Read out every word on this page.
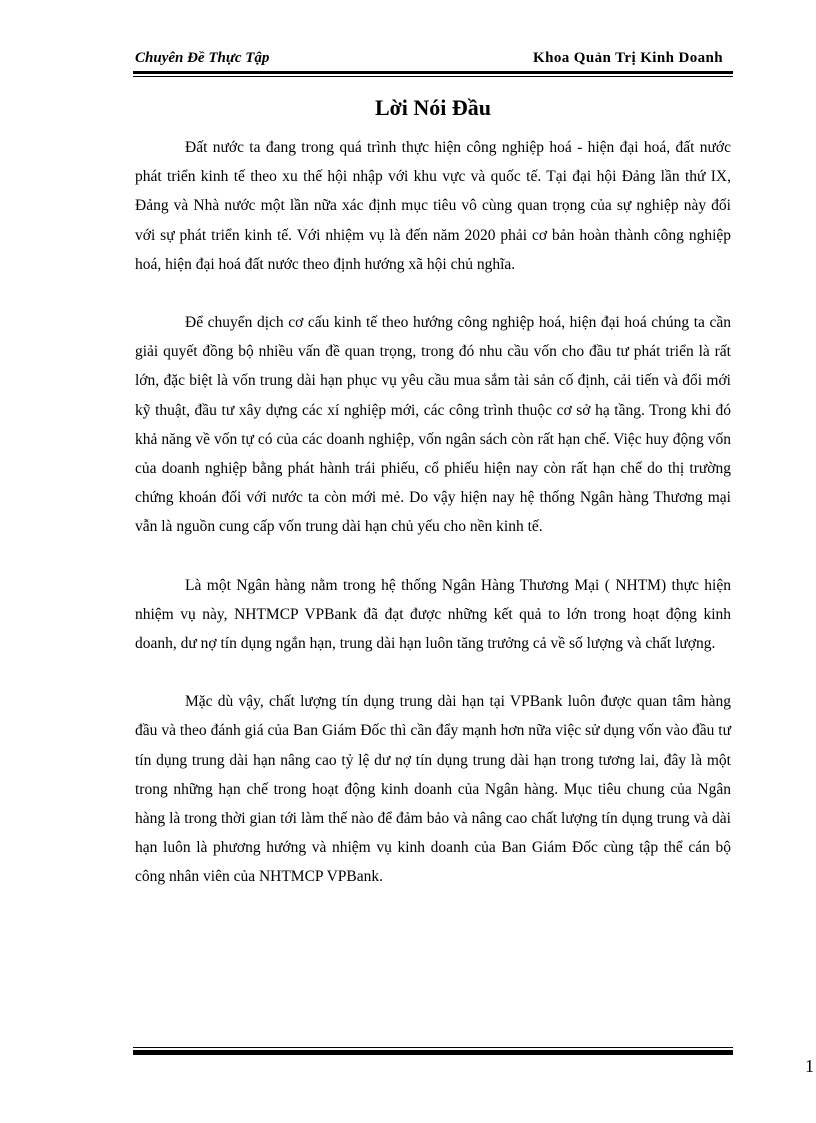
Chuyên Đề Thực Tập	Khoa Quản Trị Kinh Doanh
Lời Nói Đầu

Đất nước ta đang trong quá trình thực hiện công nghiệp hoá - hiện đại hoá, đất nước phát triển kinh tế theo xu thế hội nhập với khu vực và quốc tế. Tại đại hội Đảng lần thứ IX, Đảng và Nhà nước một lần nữa xác định mục tiêu vô cùng quan trọng của sự nghiệp này đối với sự phát triển kinh tế. Với nhiệm vụ là đến năm 2020 phải cơ bản hoàn thành công nghiệp hoá, hiện đại hoá đất nước theo định hướng xã hội chủ nghĩa.

Để chuyển dịch cơ cấu kinh tế theo hướng công nghiệp hoá, hiện đại hoá chúng ta cần giải quyết đồng bộ nhiều vấn đề quan trọng, trong đó nhu cầu vốn cho đầu tư phát triển là rất lớn, đặc biệt là vốn trung dài hạn phục vụ yêu cầu mua sắm tài sản cố định, cải tiến và đổi mới kỹ thuật, đầu tư xây dựng các xí nghiệp mới, các công trình thuộc cơ sở hạ tầng. Trong khi đó khả năng về vốn tự có của các doanh nghiệp, vốn ngân sách còn rất hạn chế. Việc huy động vốn của doanh nghiệp bằng phát hành trái phiếu, cổ phiếu hiện nay còn rất hạn chế do thị trường chứng khoán đối với nước ta còn mới mẻ. Do vậy hiện nay hệ thống Ngân hàng Thương mại vẫn là nguồn cung cấp vốn trung dài hạn chủ yếu cho nền kinh tế.

Là một Ngân hàng nằm trong hệ thống Ngân Hàng Thương Mại ( NHTM) thực hiện nhiệm vụ này, NHTMCP VPBank đã đạt được những kết quả to lớn trong hoạt động kinh doanh, dư nợ tín dụng ngắn hạn, trung dài hạn luôn tăng trưởng cả về số lượng và chất lượng.

Mặc dù vậy, chất lượng tín dụng trung dài hạn tại VPBank luôn được quan tâm hàng đầu và theo đánh giá của Ban Giám Đốc thì cần đẩy mạnh hơn nữa việc sử dụng vốn vào đầu tư tín dụng trung dài hạn nâng cao tỷ lệ dư nợ tín dụng trung dài hạn trong tương lai, đây là một trong những hạn chế trong hoạt động kinh doanh của Ngân hàng. Mục tiêu chung của Ngân hàng là trong thời gian tới làm thế nào để đảm bảo và nâng cao chất lượng tín dụng trung và dài hạn luôn là phương hướng và nhiệm vụ kinh doanh của Ban Giám Đốc cùng tập thể cán bộ công nhân viên của NHTMCP VPBank.

1
